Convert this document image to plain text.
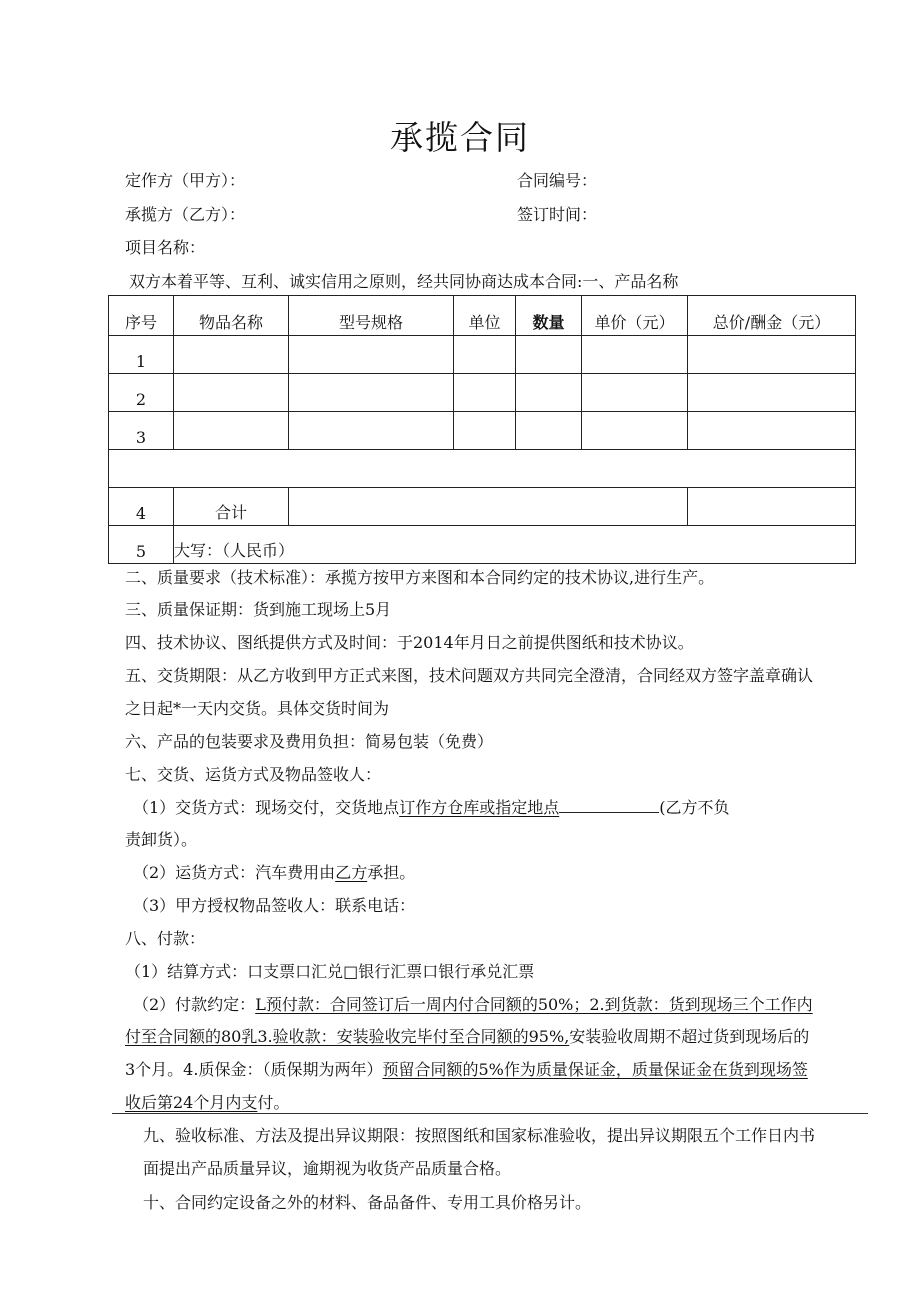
承揽合同
定作方（甲方）：	合同编号：
承揽方（乙方）：	签订时间：
项目名称：
双方本着平等、互利、诚实信用之原则，经共同协商达成本合同:一、产品名称
序号	物品名称	型号规格	单位	数量	单价（元）	总价/酬金（元）
1						
2						
3						

4	合计					
5	大写：（人民币）					
二、质量要求（技术标准）：承揽方按甲方来图和本合同约定的技术协议,进行生产。
三、质量保证期：货到施工现场上5月
四、技术协议、图纸提供方式及时间：于2014年月日之前提供图纸和技术协议。
五、交货期限：从乙方收到甲方正式来图，技术问题双方共同完全澄清，合同经双方签字盖章确认
之日起*一天内交货。具体交货时间为
六、产品的包装要求及费用负担：简易包装（免费）
七、交货、运货方式及物品签收人：
（1）交货方式：现场交付，交货地点订作方仓库或指定地点	(乙方不负
责卸货）。
（2）运货方式：汽车费用由乙方承担。
（3）甲方授权物品签收人：联系电话：
八、付款：
（1）结算方式：口支票口汇兑□银行汇票口银行承兑汇票
（2）付款约定：L预付款：合同签订后一周内付合同额的50%；2.到货款：货到现场三个工作内
付至合同额的80乳3.验收款：安装验收完毕付至合同额的95%,安装验收周期不超过货到现场后的
3个月。4.质保金：（质保期为两年）预留合同额的5%作为质量保证金，质量保证金在货到现场签
收后第24个月内支付。
九、验收标准、方法及提出异议期限：按照图纸和国家标准验收，提出异议期限五个工作日内书
面提出产品质量异议，逾期视为收货产品质量合格。
十、合同约定设备之外的材料、备品备件、专用工具价格另计。
